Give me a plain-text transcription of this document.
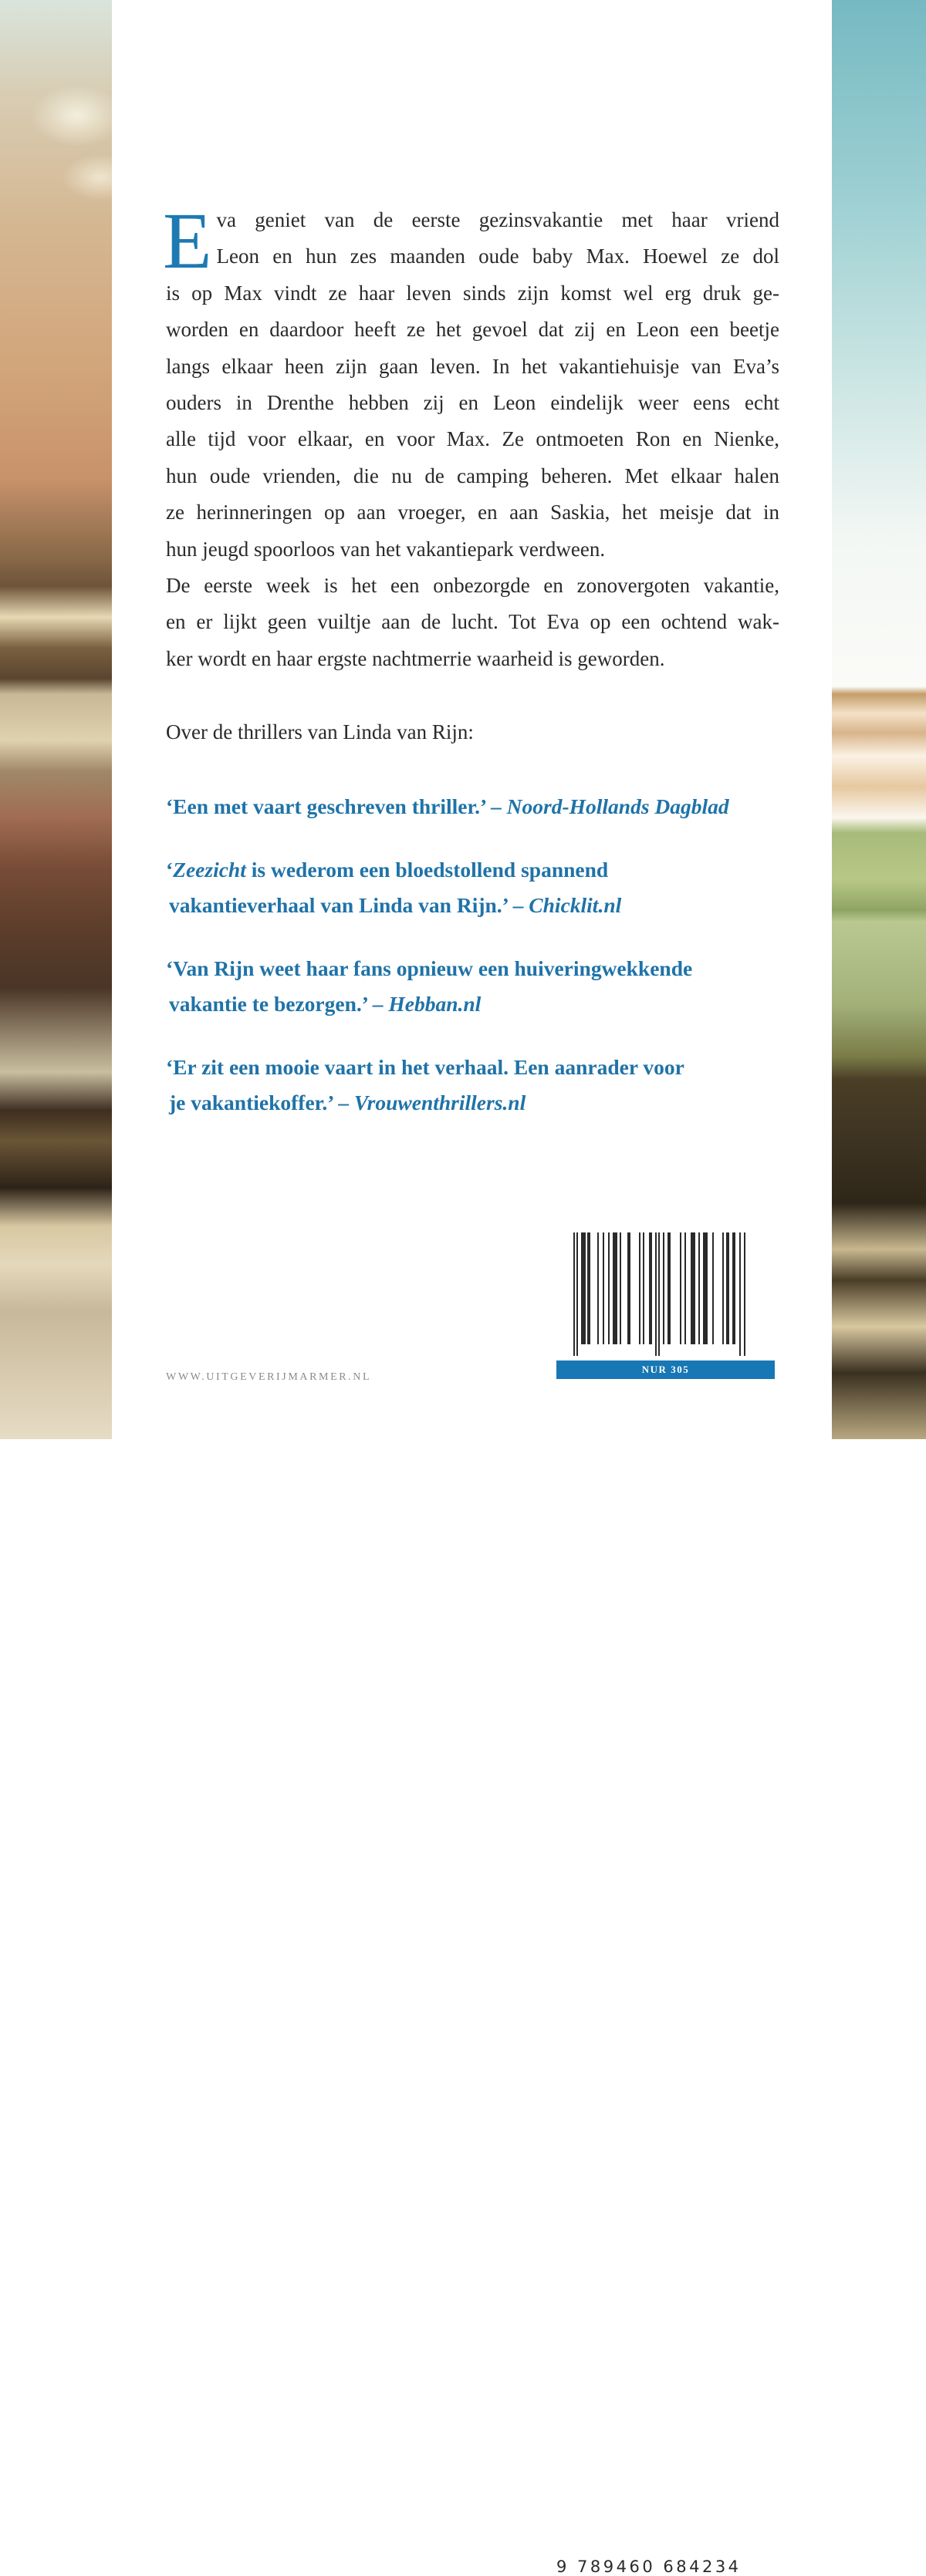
E va geniet van de eerste gezinsvakantie met haar vriend
Leon en hun zes maanden oude baby Max. Hoewel ze dol
is op Max vindt ze haar leven sinds zijn komst wel erg druk ge-
worden en daardoor heeft ze het gevoel dat zij en Leon een beetje
langs elkaar heen zijn gaan leven. In het vakantiehuisje van Eva’s
ouders in Drenthe hebben zij en Leon eindelijk weer eens echt
alle tijd voor elkaar, en voor Max. Ze ontmoeten Ron en Nienke,
hun oude vrienden, die nu de camping beheren. Met elkaar halen
ze herinneringen op aan vroeger, en aan Saskia, het meisje dat in
hun jeugd spoorloos van het vakantiepark verdween.
De eerste week is het een onbezorgde en zonovergoten vakantie,
en er lijkt geen vuiltje aan de lucht. Tot Eva op een ochtend wak-
ker wordt en haar ergste nachtmerrie waarheid is geworden.

Over de thrillers van Linda van Rijn:

‘Een met vaart geschreven thriller.’ – Noord-Hollands Dagblad

‘Zeezicht is wederom een bloedstollend spannend
vakantieverhaal van Linda van Rijn.’ – Chicklit.nl

‘Van Rijn weet haar fans opnieuw een huiveringwekkende
vakantie te bezorgen.’ – Hebban.nl

‘Er zit een mooie vaart in het verhaal. Een aanrader voor
je vakantiekoffer.’ – Vrouwenthrillers.nl

WWW.UITGEVERIJMARMER.NL
9 789460 684234
NUR 305
